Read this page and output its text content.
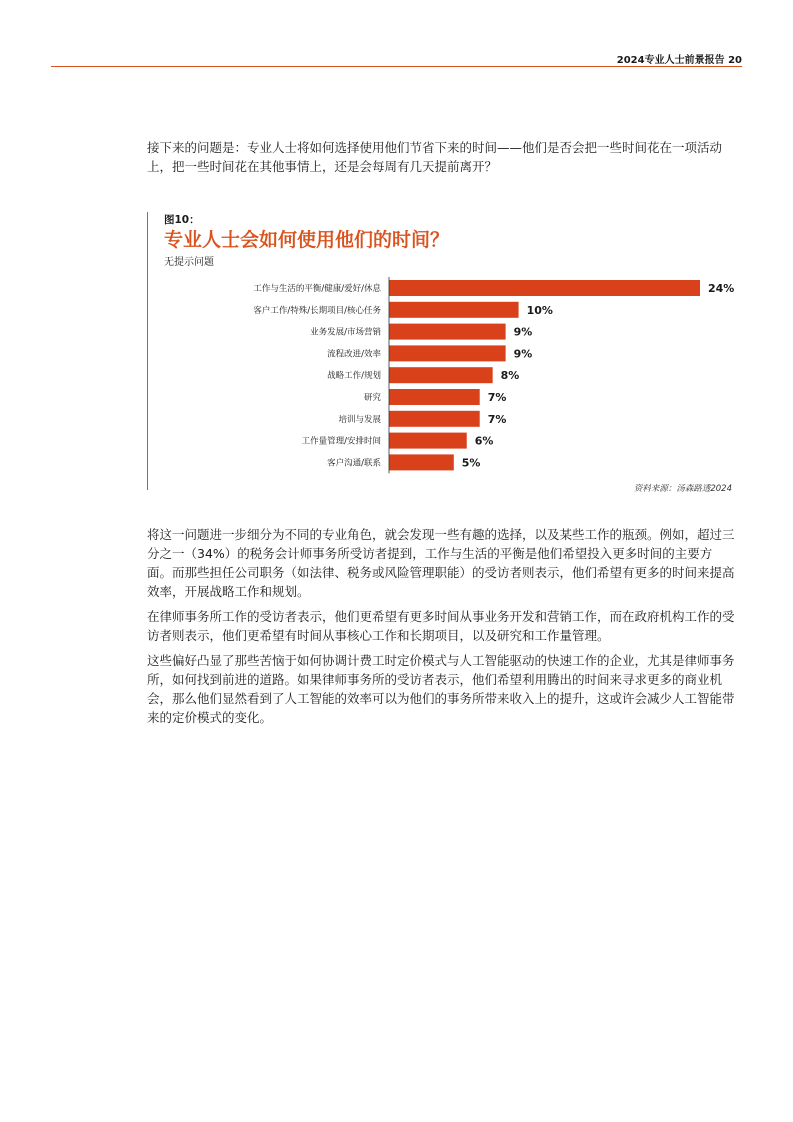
2024专业人士前景报告 20

接下来的问题是：专业人士将如何选择使用他们节省下来的时间——他们是否会把一些时间花在一项活动上，把一些时间花在其他事情上，还是会每周有几天提前离开？

图10：
专业人士会如何使用他们的时间？
无提示问题
工作与生活的平衡/健康/爱好/休息	24%
客户工作/特殊/长期项目/核心任务	10%
业务发展/市场营销	9%
流程改进/效率	9%
战略工作/规划	8%
研究	7%
培训与发展	7%
工作量管理/安排时间	6%
客户沟通/联系	5%
资料来源：汤森路透2024

将这一问题进一步细分为不同的专业角色，就会发现一些有趣的选择，以及某些工作的瓶颈。例如，超过三分之一（34%）的税务会计师事务所受访者提到，工作与生活的平衡是他们希望投入更多时间的主要方面。而那些担任公司职务（如法律、税务或风险管理职能）的受访者则表示，他们希望有更多的时间来提高效率，开展战略工作和规划。

在律师事务所工作的受访者表示，他们更希望有更多时间从事业务开发和营销工作，而在政府机构工作的受访者则表示，他们更希望有时间从事核心工作和长期项目，以及研究和工作量管理。

这些偏好凸显了那些苦恼于如何协调计费工时定价模式与人工智能驱动的快速工作的企业，尤其是律师事务所，如何找到前进的道路。如果律师事务所的受访者表示，他们希望利用腾出的时间来寻求更多的商业机会，那么他们显然看到了人工智能的效率可以为他们的事务所带来收入上的提升，这或许会减少人工智能带来的定价模式的变化。
